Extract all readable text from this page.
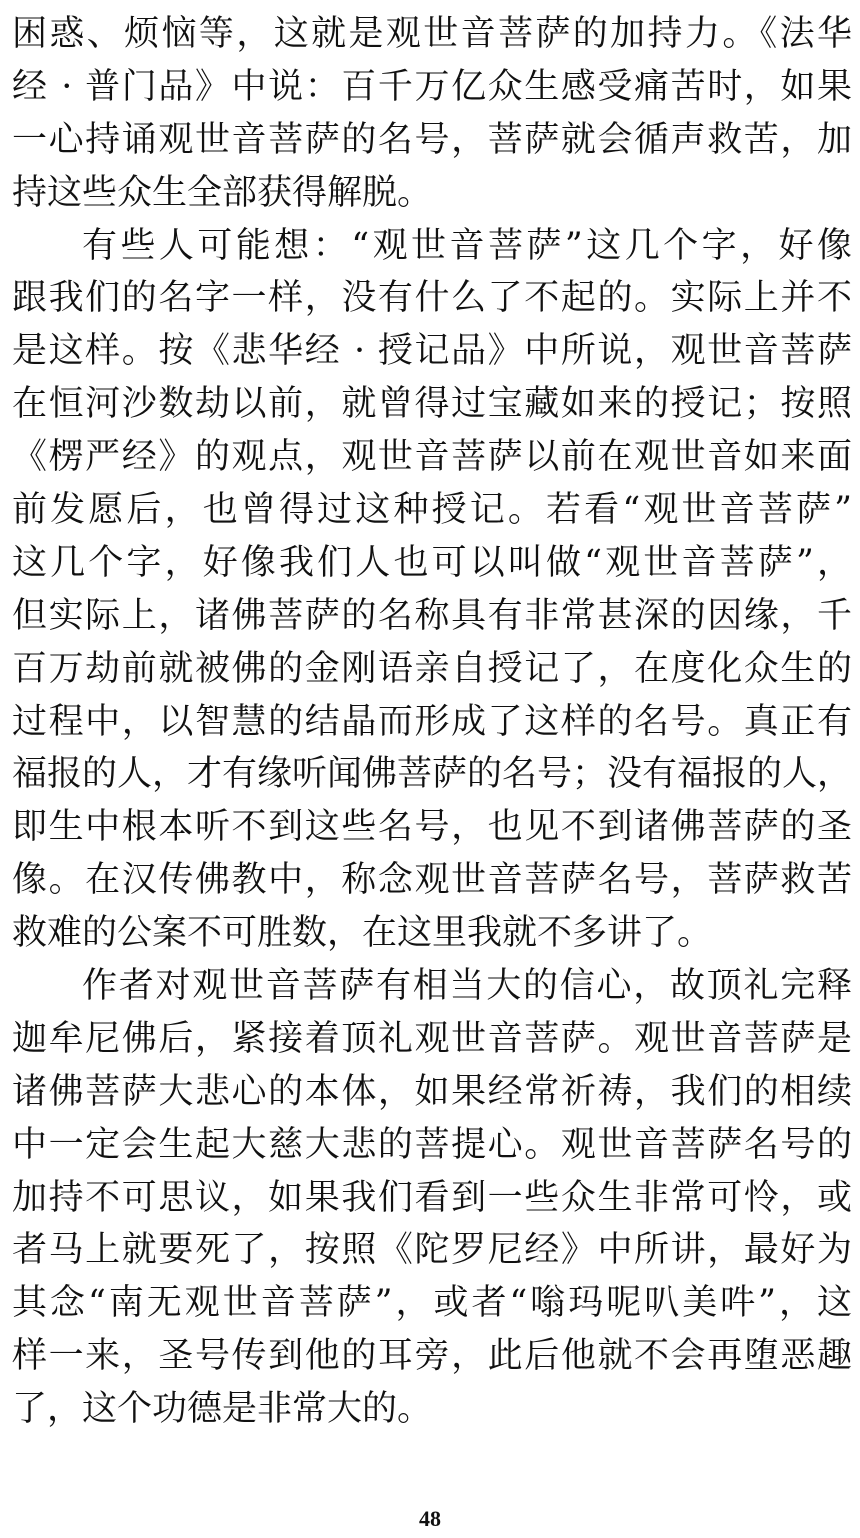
困惑、烦恼等，这就是观世音菩萨的加持力。《法华
经 · 普门品》中说：百千万亿众生感受痛苦时，如果
一心持诵观世音菩萨的名号，菩萨就会循声救苦，加
持这些众生全部获得解脱。
有些人可能想：“观世音菩萨”这几个字，好像
跟我们的名字一样，没有什么了不起的。实际上并不
是这样。按《悲华经 · 授记品》中所说，观世音菩萨
在恒河沙数劫以前，就曾得过宝藏如来的授记；按照
《楞严经》的观点，观世音菩萨以前在观世音如来面
前发愿后，也曾得过这种授记。若看“观世音菩萨”
这几个字，好像我们人也可以叫做“观世音菩萨”，
但实际上，诸佛菩萨的名称具有非常甚深的因缘，千
百万劫前就被佛的金刚语亲自授记了，在度化众生的
过程中，以智慧的结晶而形成了这样的名号。真正有
福报的人，才有缘听闻佛菩萨的名号；没有福报的人，
即生中根本听不到这些名号，也见不到诸佛菩萨的圣
像。在汉传佛教中，称念观世音菩萨名号，菩萨救苦
救难的公案不可胜数，在这里我就不多讲了。
作者对观世音菩萨有相当大的信心，故顶礼完释
迦牟尼佛后，紧接着顶礼观世音菩萨。观世音菩萨是
诸佛菩萨大悲心的本体，如果经常祈祷，我们的相续
中一定会生起大慈大悲的菩提心。观世音菩萨名号的
加持不可思议，如果我们看到一些众生非常可怜，或
者马上就要死了，按照《陀罗尼经》中所讲，最好为
其念“南无观世音菩萨”，或者“嗡玛呢叭美吽”，这
样一来，圣号传到他的耳旁，此后他就不会再堕恶趣
了，这个功德是非常大的。
48
